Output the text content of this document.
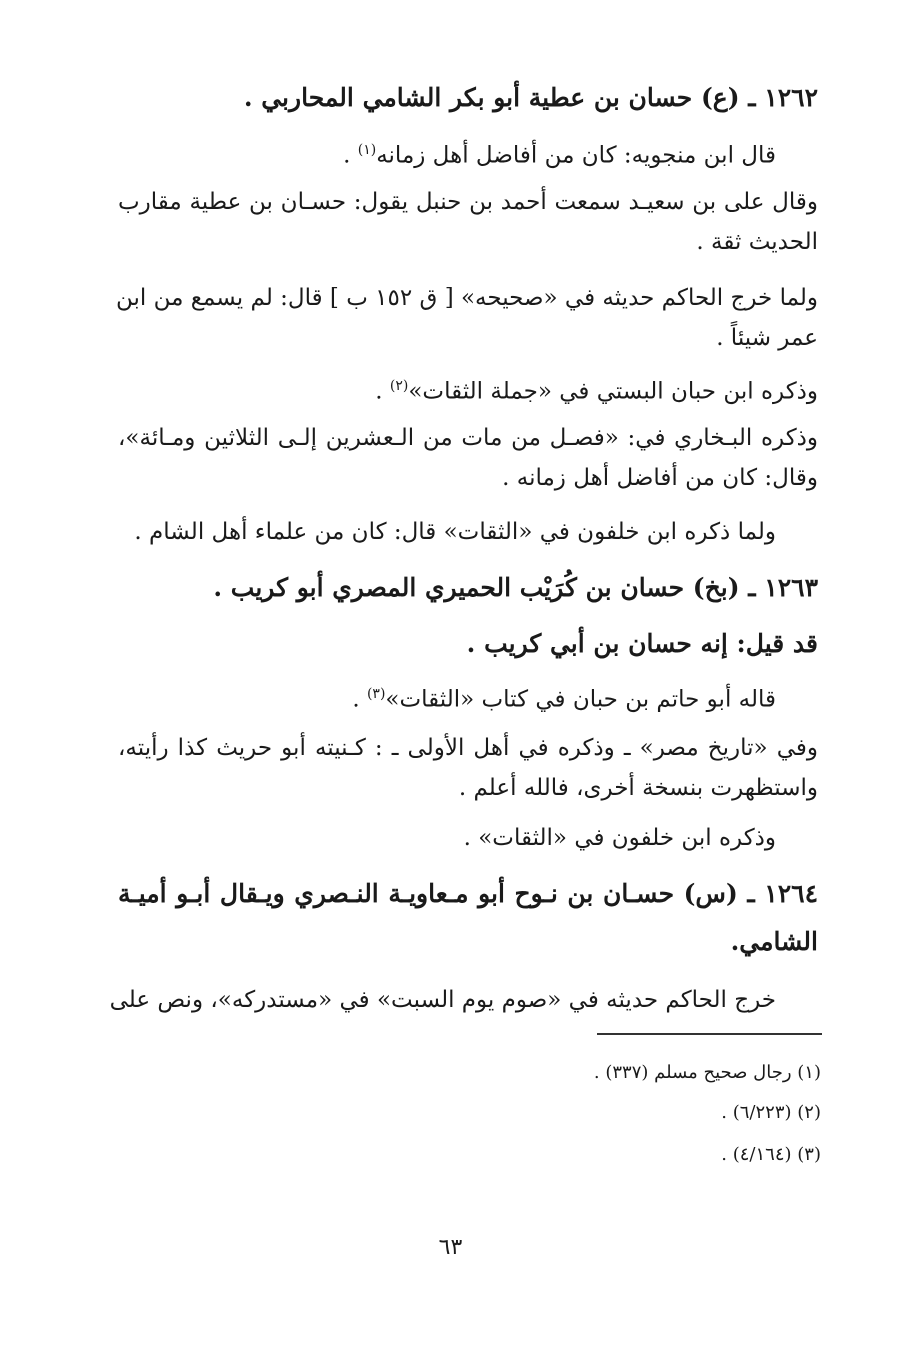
١٢٦٢ ـ (ع) حسان بن عطية أبو بكر الشامي المحاربي .
قال ابن منجويه: كان من أفاضل أهل زمانه$^{(١)}$ .
وقال على بن سعيـد سمعت أحمد بن حنبل يقول: حسـان بن عطية مقارب
الحديث ثقة .
ولما خرج الحاكم حديثه في «صحيحه» [ ق ١٥٢ ب ] قال: لم يسمع من ابن
عمر شيئاً .
وذكره ابن حبان البستي في «جملة الثقات»$^{(٢)}$ .
وذكره البـخاري في: «فصـل من مات من الـعشرين إلـى الثلاثين ومـائة»،
وقال: كان من أفاضل أهل زمانه .
ولما ذكره ابن خلفون في «الثقات» قال: كان من علماء أهل الشام .
١٢٦٣ ـ (بخ) حسان بن كُرَيْب الحميري المصري أبو كريب .
قد قيل: إنه حسان بن أبي كريب .
قاله أبو حاتم بن حبان في كتاب «الثقات»$^{(٣)}$ .
وفي «تاريخ مصر» ـ وذكره في أهل الأولى ـ : كـنيته أبو حريث كذا رأيته،
واستظهرت بنسخة أخرى، فالله أعلم .
وذكره ابن خلفون في «الثقات» .
١٢٦٤ ـ (س) حسـان بن نـوح أبو مـعاويـة النـصري ويـقال أبـو أميـة
الشامي.
خرج الحاكم حديثه في «صوم يوم السبت» في «مستدركه»، ونص على
(١) رجال صحيح مسلم (٣٣٧) .
(٢) (٦/٢٢٣) .
(٣) (٤/١٦٤) .
٦٣
